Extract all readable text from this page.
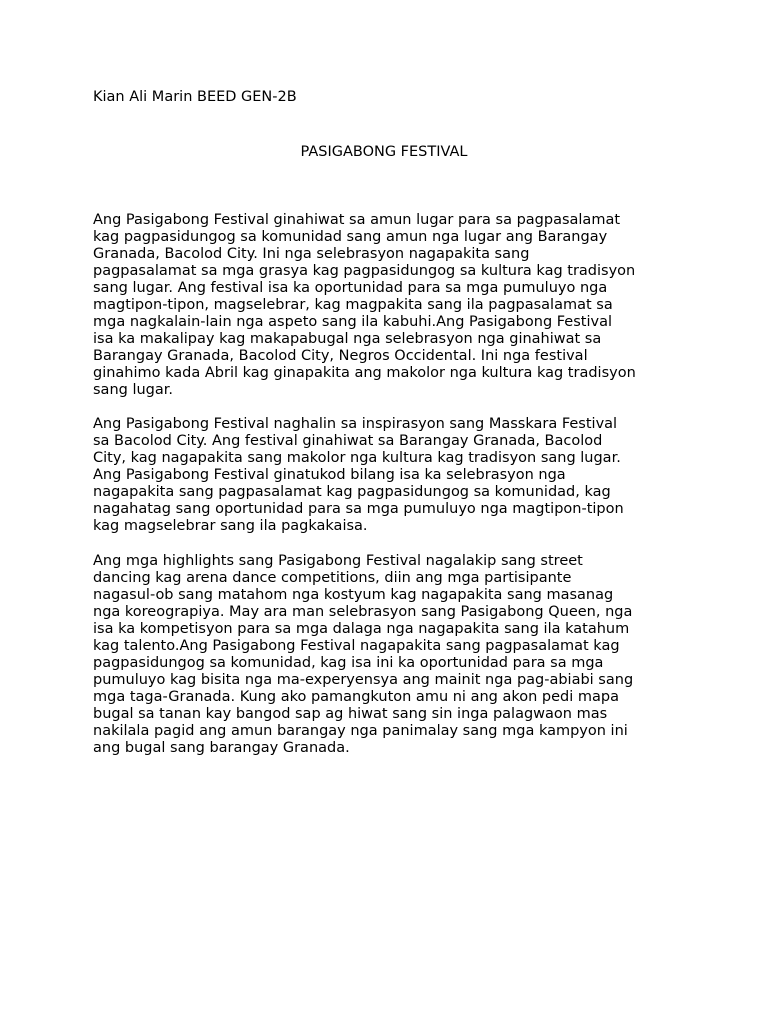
Kian Ali Marin BEED GEN-2B
PASIGABONG FESTIVAL
Ang Pasigabong Festival ginahiwat sa amun lugar para sa pagpasalamat
kag pagpasidungog sa komunidad sang amun nga lugar ang Barangay
Granada, Bacolod City. Ini nga selebrasyon nagapakita sang
pagpasalamat sa mga grasya kag pagpasidungog sa kultura kag tradisyon
sang lugar. Ang festival isa ka oportunidad para sa mga pumuluyo nga
magtipon-tipon, magselebrar, kag magpakita sang ila pagpasalamat sa
mga nagkalain-lain nga aspeto sang ila kabuhi.Ang Pasigabong Festival
isa ka makalipay kag makapabugal nga selebrasyon nga ginahiwat sa
Barangay Granada, Bacolod City, Negros Occidental. Ini nga festival
ginahimo kada Abril kag ginapakita ang makolor nga kultura kag tradisyon
sang lugar.
Ang Pasigabong Festival naghalin sa inspirasyon sang Masskara Festival
sa Bacolod City. Ang festival ginahiwat sa Barangay Granada, Bacolod
City, kag nagapakita sang makolor nga kultura kag tradisyon sang lugar.
Ang Pasigabong Festival ginatukod bilang isa ka selebrasyon nga
nagapakita sang pagpasalamat kag pagpasidungog sa komunidad, kag
nagahatag sang oportunidad para sa mga pumuluyo nga magtipon-tipon
kag magselebrar sang ila pagkakaisa.
Ang mga highlights sang Pasigabong Festival nagalakip sang street
dancing kag arena dance competitions, diin ang mga partisipante
nagasul-ob sang matahom nga kostyum kag nagapakita sang masanag
nga koreograpiya. May ara man selebrasyon sang Pasigabong Queen, nga
isa ka kompetisyon para sa mga dalaga nga nagapakita sang ila katahum
kag talento.Ang Pasigabong Festival nagapakita sang pagpasalamat kag
pagpasidungog sa komunidad, kag isa ini ka oportunidad para sa mga
pumuluyo kag bisita nga ma-experyensya ang mainit nga pag-abiabi sang
mga taga-Granada. Kung ako pamangkuton amu ni ang akon pedi mapa
bugal sa tanan kay bangod sap ag hiwat sang sin inga palagwaon mas
nakilala pagid ang amun barangay nga panimalay sang mga kampyon ini
ang bugal sang barangay Granada.
